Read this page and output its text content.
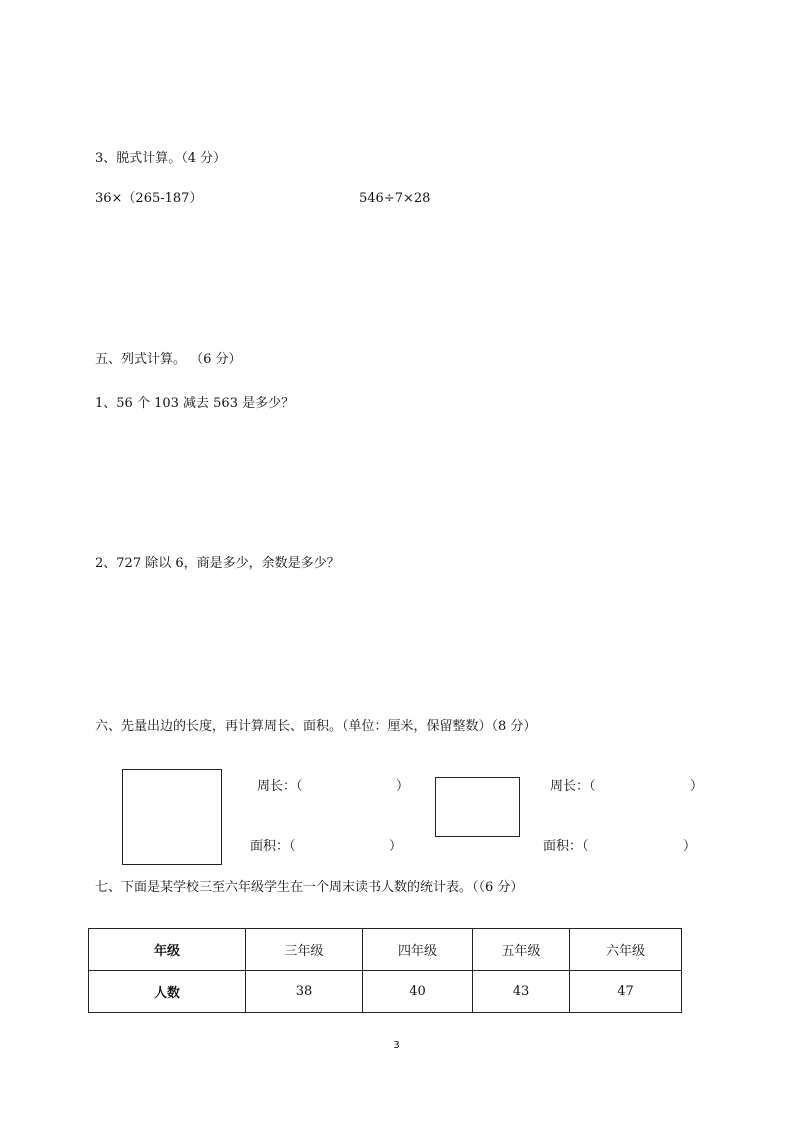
3、脱式计算。（4 分）
36×（265-187）	546÷7×28
五、列式计算。 （6 分）
1、56 个 103 减去 563 是多少？
2、727 除以 6，商是多少，余数是多少？
六、先量出边的长度，再计算周长、面积。（单位：厘米，保留整数）（8 分）
周长：（	）
面积：（	）
周长：（	）
面积：（	）
七、下面是某学校三至六年级学生在一个周末读书人数的统计表。（（6 分）
年级	三年级	四年级	五年级	六年级
人数	38	40	43	47
3
